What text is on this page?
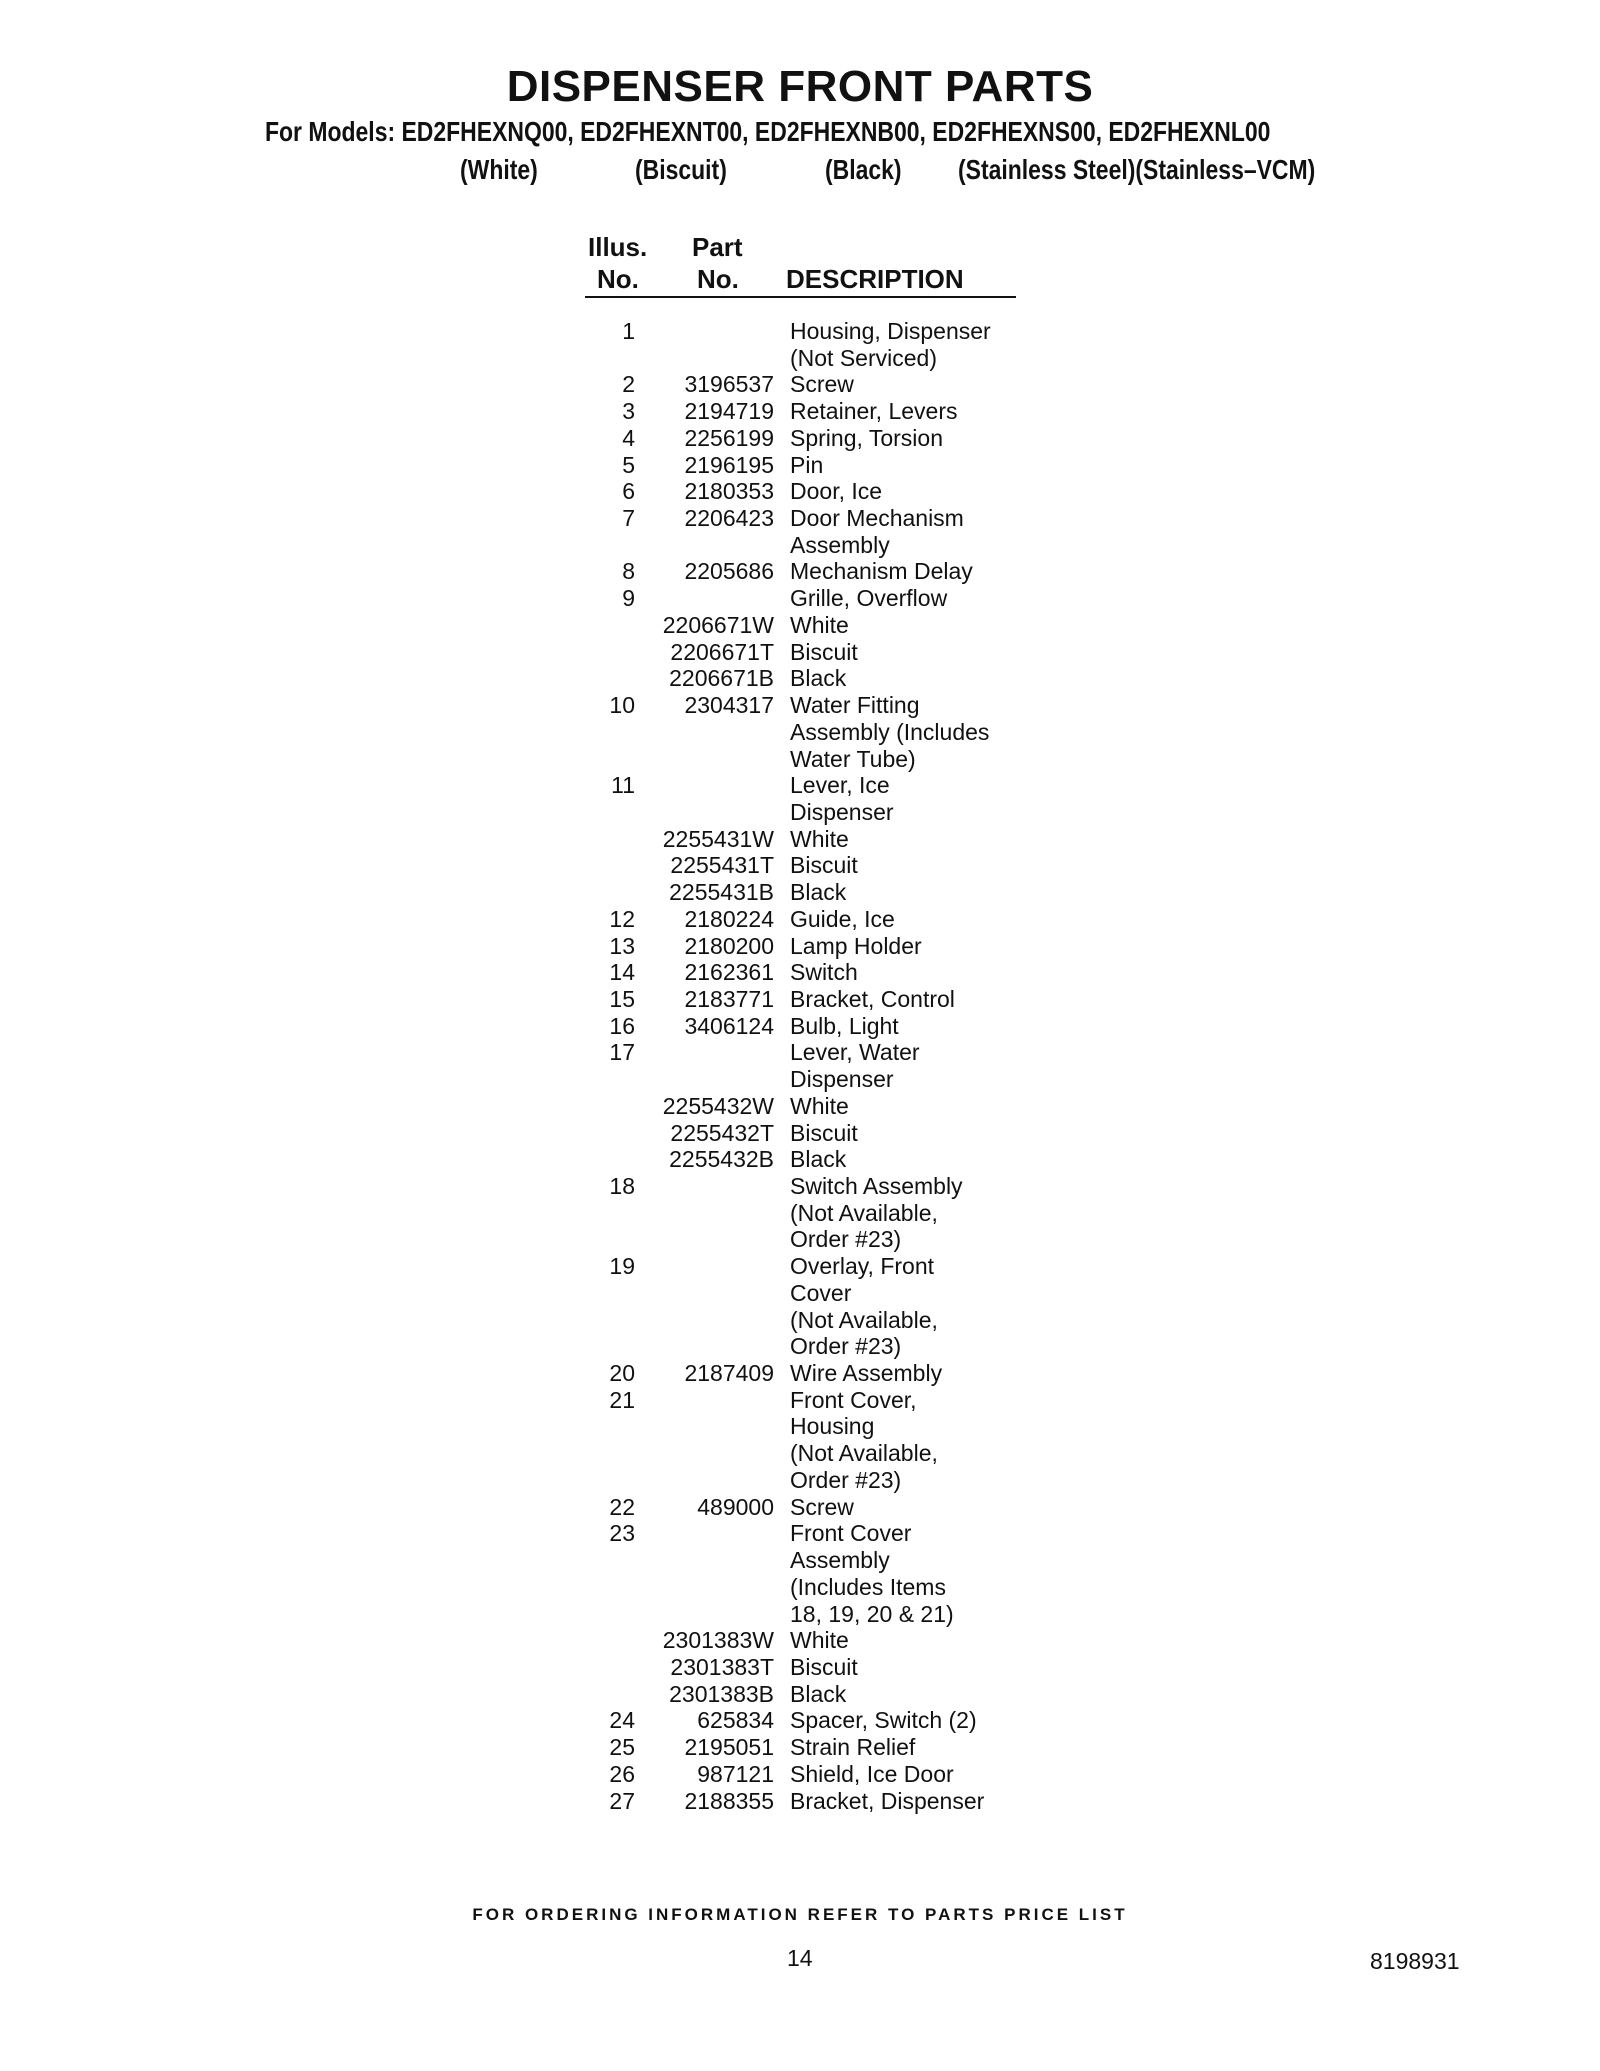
DISPENSER FRONT PARTS
For Models: ED2FHEXNQ00, ED2FHEXNT00, ED2FHEXNB00, ED2FHEXNS00, ED2FHEXNL00
(White)	(Biscuit)	(Black) (Stainless Steel)(Stainless–VCM)
Illus.
No.
Part
No. DESCRIPTION
1	Housing, Dispenser
(Not Serviced)
2 3196537 Screw
3 2194719 Retainer, Levers
4 2256199 Spring, Torsion
5 2196195 Pin
6 2180353 Door, Ice
7 2206423 Door Mechanism
Assembly
8 2205686 Mechanism Delay
9	Grille, Overflow
2206671W White
2206671T Biscuit
2206671B Black
10 2304317 Water Fitting
Assembly (Includes
Water Tube)
11	Lever, Ice
Dispenser
2255431W White
2255431T Biscuit
2255431B Black
12 2180224 Guide, Ice
13 2180200 Lamp Holder
14 2162361 Switch
15 2183771 Bracket, Control
16 3406124 Bulb, Light
17	Lever, Water
Dispenser
2255432W White
2255432T Biscuit
2255432B Black
18	Switch Assembly
(Not Available,
Order #23)
19	Overlay, Front
Cover
(Not Available,
Order #23)
20 2187409 Wire Assembly
21	Front Cover,
Housing
(Not Available,
Order #23)
22	489000 Screw
23	Front Cover
Assembly
(Includes Items
18, 19, 20 & 21)
2301383W White
2301383T Biscuit
2301383B Black
24	625834 Spacer, Switch (2)
25 2195051 Strain Relief
26	987121 Shield, Ice Door
27 2188355 Bracket, Dispenser
FOR ORDERING INFORMATION REFER TO PARTS PRICE LIST
14	8198931
